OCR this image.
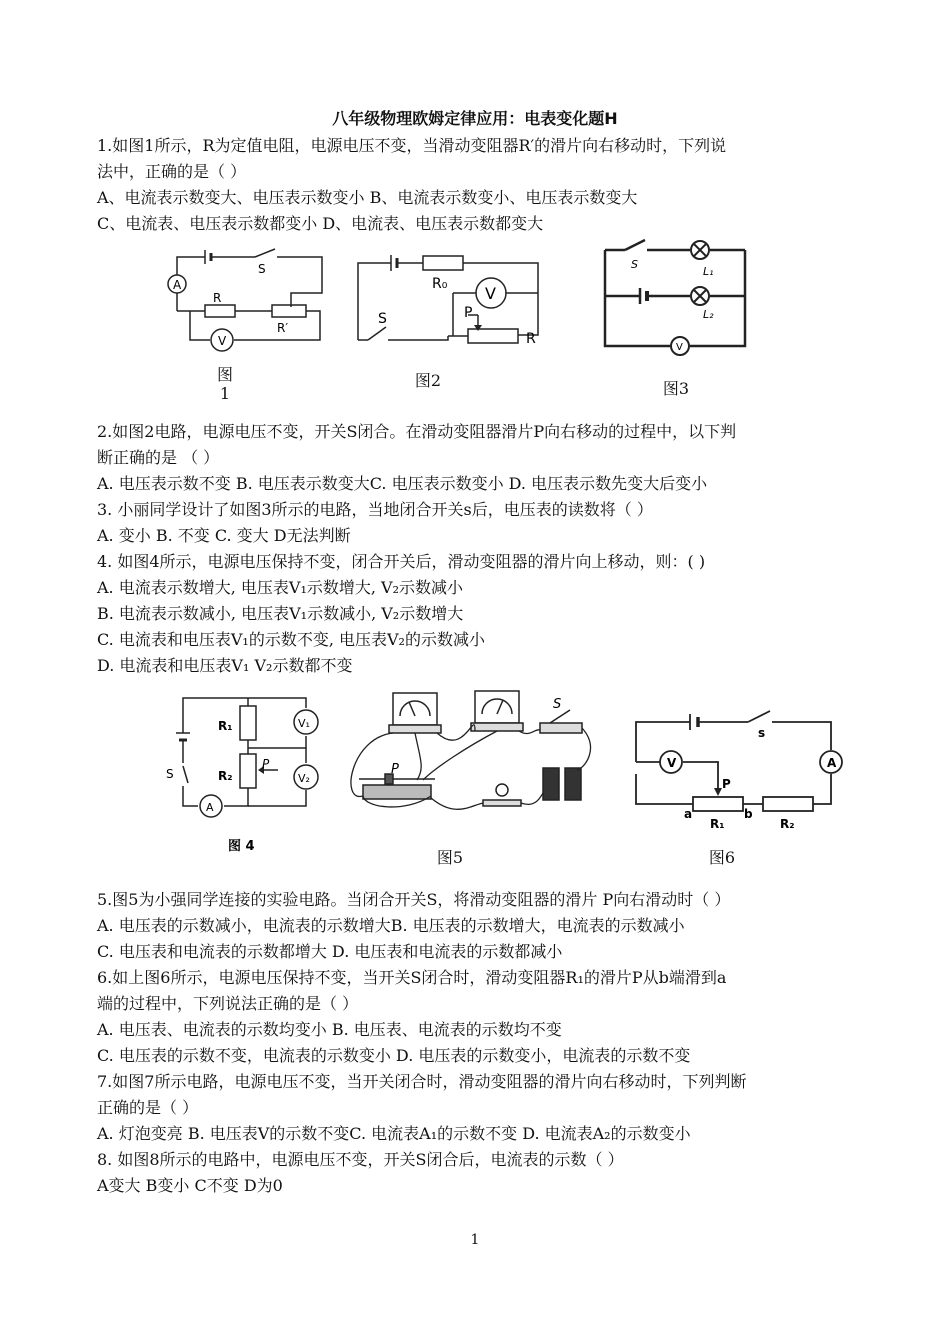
八年级物理欧姆定律应用：电表变化题H
1.如图1所示，R为定值电阻，电源电压不变，当滑动变阻器R′的滑片向右移动时，下列说
法中，正确的是（ ）
A、电流表示数变大、电压表示数变小 B、电流表示数变小、电压表示数变大
C、电流表、电压表示数都变小 D、电流表、电压表示数都变大
A
V
S
R
R′
图
1
R₀ V
P
R
S
图2
S
L₁
L₂
V
图3
2.如图2电路，电源电压不变，开关S闭合。在滑动变阻器滑片P向右移动的过程中，以下判
断正确的是 （ ）
A. 电压表示数不变 B. 电压表示数变大C. 电压表示数变小 D. 电压表示数先变大后变小
3. 小丽同学设计了如图3所示的电路，当地闭合开关s后，电压表的读数将（ ）
A. 变小 B. 不变 C. 变大 D无法判断
4. 如图4所示，电源电压保持不变，闭合开关后，滑动变阻器的滑片向上移动，则：( )
A. 电流表示数增大, 电压表V₁示数增大, V₂示数减小
B. 电流表示数减小, 电压表V₁示数减小, V₂示数增大
C. 电流表和电压表V₁的示数不变, 电压表V₂的示数减小
D. 电流表和电压表V₁ V₂示数都不变
R₁
R₂
P
V₁
V₂
A
S
图 4
P
S
图5
V	A
s
P
a	b
R₁	R₂
图6
5.图5为小强同学连接的实验电路。当闭合开关S，将滑动变阻器的滑片 P向右滑动时（ ）
A. 电压表的示数减小，电流表的示数增大B. 电压表的示数增大，电流表的示数减小
C. 电压表和电流表的示数都增大 D. 电压表和电流表的示数都减小
6.如上图6所示，电源电压保持不变，当开关S闭合时，滑动变阻器R₁的滑片P从b端滑到a
端的过程中，下列说法正确的是（ ）
A. 电压表、电流表的示数均变小 B. 电压表、电流表的示数均不变
C. 电压表的示数不变，电流表的示数变小 D. 电压表的示数变小，电流表的示数不变
7.如图7所示电路，电源电压不变，当开关闭合时，滑动变阻器的滑片向右移动时，下列判断
正确的是（ ）
A. 灯泡变亮 B. 电压表V的示数不变C. 电流表A₁的示数不变 D. 电流表A₂的示数变小
8. 如图8所示的电路中，电源电压不变，开关S闭合后，电流表的示数（ ）
A变大 B变小 C不变 D为0
1
